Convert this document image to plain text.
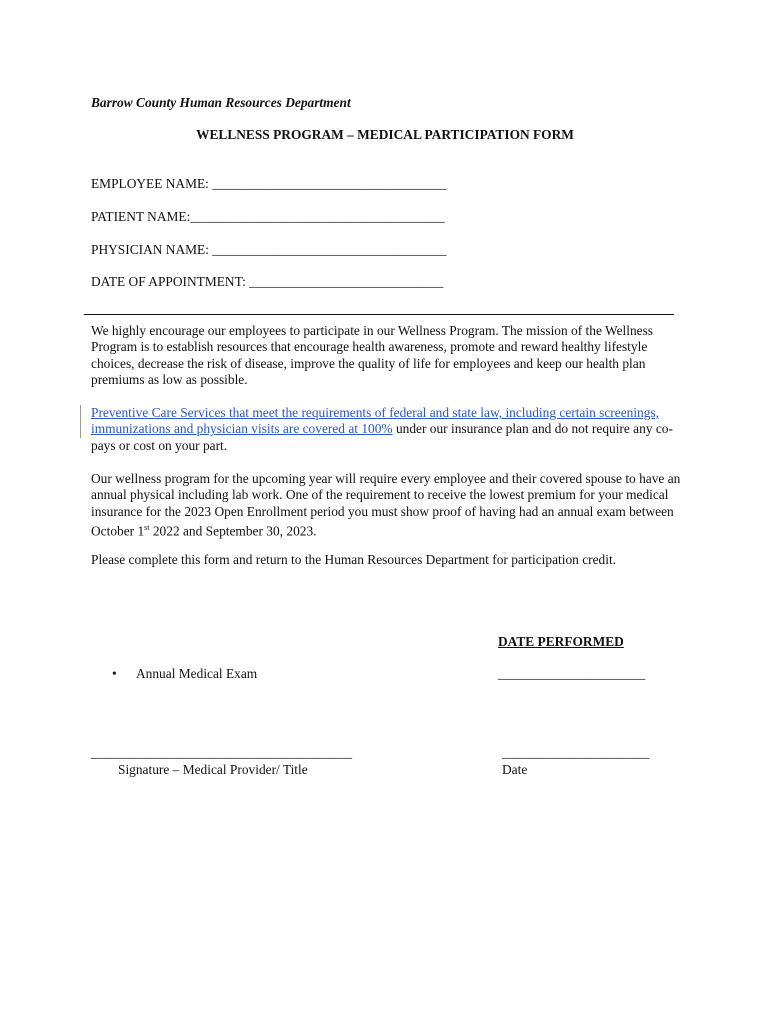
Barrow County Human Resources Department
WELLNESS PROGRAM – MEDICAL PARTICIPATION FORM
EMPLOYEE NAME: ___________________________________
PATIENT NAME:______________________________________
PHYSICIAN NAME: ___________________________________
DATE OF APPOINTMENT: _____________________________
We highly encourage our employees to participate in our Wellness Program. The mission of the Wellness Program is to establish resources that encourage health awareness, promote and reward healthy lifestyle choices, decrease the risk of disease, improve the quality of life for employees and keep our health plan premiums as low as possible.
Preventive Care Services that meet the requirements of federal and state law, including certain screenings, immunizations and physician visits are covered at 100% under our insurance plan and do not require any co-pays or cost on your part.
Our wellness program for the upcoming year will require every employee and their covered spouse to have an annual physical including lab work. One of the requirement to receive the lowest premium for your medical insurance for the 2023 Open Enrollment period you must show proof of having had an annual exam between October 1st 2022 and September 30, 2023.
Please complete this form and return to the Human Resources Department for participation credit.
DATE PERFORMED
• Annual Medical Exam	______________________
_______________________________________
Signature – Medical Provider/ Title
______________________
Date
